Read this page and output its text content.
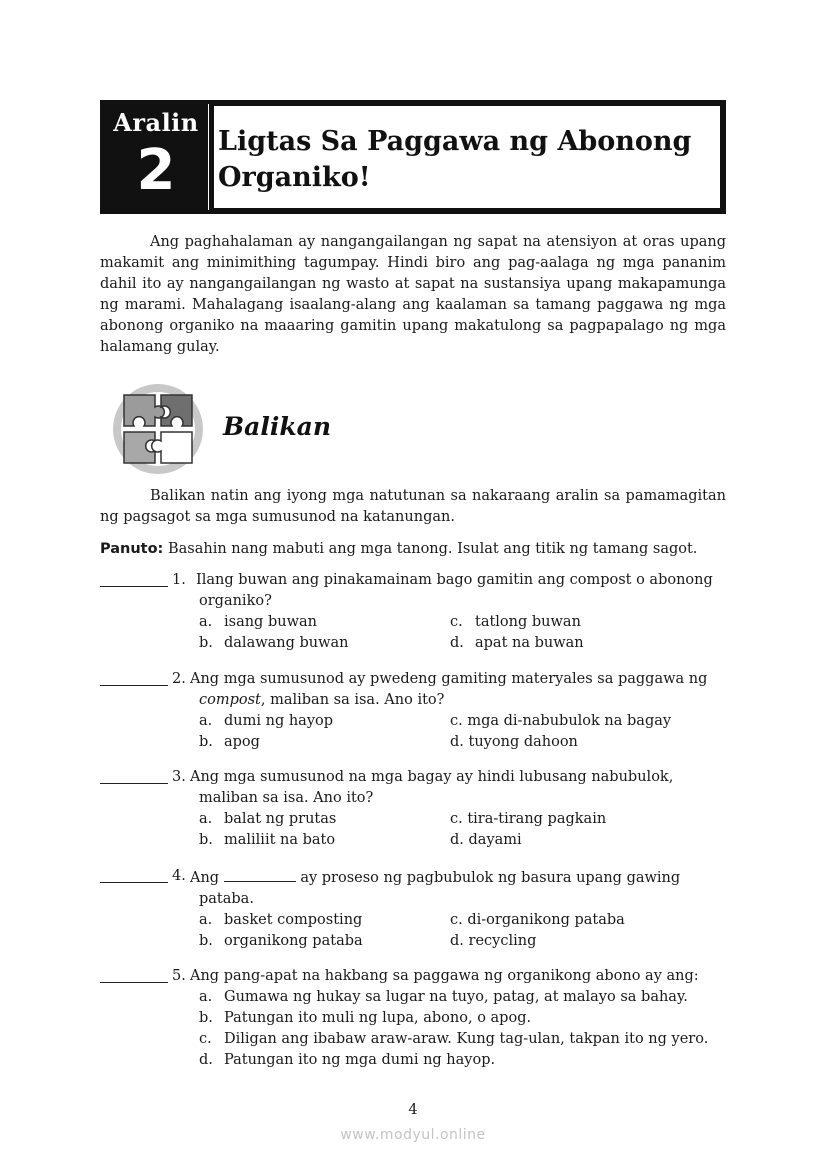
Aralin
2	Ligtas Sa Paggawa ng Abonong
Organiko!

Ang paghahalaman ay nangangailangan ng sapat na atensiyon at oras upang makamit ang minimithing tagumpay. Hindi biro ang pag-aalaga ng mga pananim dahil ito ay nangangailangan ng wasto at sapat na sustansiya upang makapamunga ng marami. Mahalagang isaalang-alang ang kaalaman sa tamang paggawa ng mga abonong organiko na maaaring gamitin upang makatulong sa pagpapalago ng mga halamang gulay.

Balikan

Balikan natin ang iyong mga natutunan sa nakaraang aralin sa pamamagitan ng pagsagot sa mga sumusunod na katanungan.

Panuto: Basahin nang mabuti ang mga tanong. Isulat ang titik ng tamang sagot.
1. Ilang buwan ang pinakamainam bago gamitin ang compost o abonong
organiko?
a. isang buwan	c. tatlong buwan
b. dalawang buwan	d. apat na buwan
2. Ang mga sumusunod ay pwedeng gamiting materyales sa paggawa ng
compost, maliban sa isa. Ano ito?
a. dumi ng hayop	c. mga di-nabubulok na bagay
b. apog	d. tuyong dahoon
3. Ang mga sumusunod na mga bagay ay hindi lubusang nabubulok,
maliban sa isa. Ano ito?
a. balat ng prutas	c. tira-tirang pagkain
b. maliliit na bato	d. dayami
4. Ang	ay proseso ng pagbubulok ng basura upang gawing
pataba.
a. basket composting	c. di-organikong pataba
b. organikong pataba	d. recycling
5. Ang pang-apat na hakbang sa paggawa ng organikong abono ay ang:
a. Gumawa ng hukay sa lugar na tuyo, patag, at malayo sa bahay.
b. Patungan ito muli ng lupa, abono, o apog.
c. Diligan ang ibabaw araw-araw. Kung tag-ulan, takpan ito ng yero.
d. Patungan ito ng mga dumi ng hayop.
4
www.modyul.online
